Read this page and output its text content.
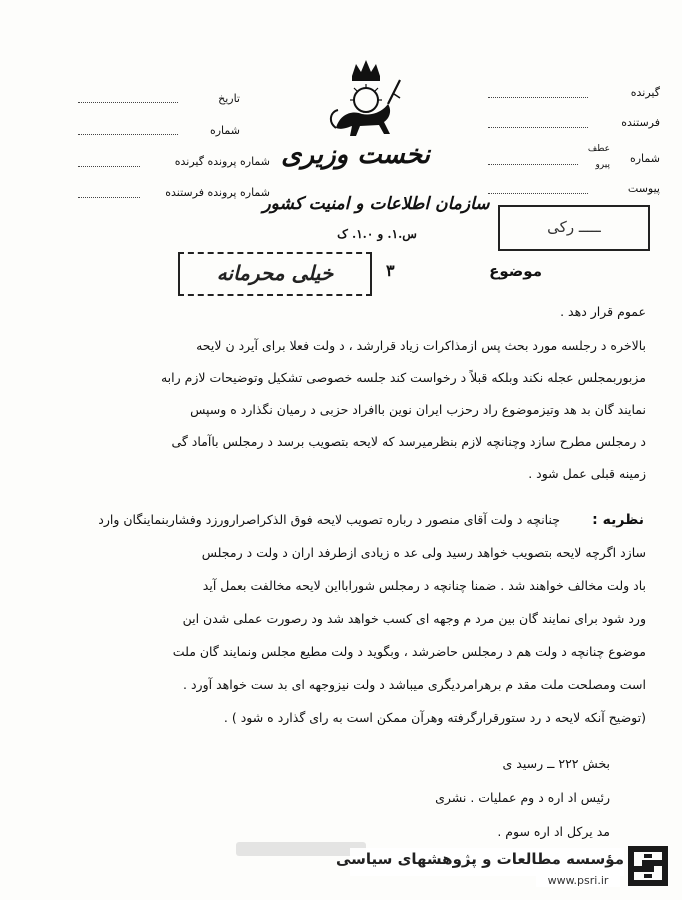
تاریخ
شماره
شماره پرونده گیرنده
شماره پرونده فرستنده
گیرنده
فرستنده
شماره
عطف
پیرو
پیوست
نخست وزیری
سازمان اطلاعات و امنیت کشور
س.۱. و ۱.۰. ک	ـــــ رکی
موضوع
۳
خیلی محرمانه
عموم قرار دهد .
بالاخره د رجلسه مورد بحث پس ازمذاکرات زیاد قرارشد ، د ولت فعلا برای آیرد ن لایحه
مزبوربمجلس عجله نکند وبلکه قبلاً د رخواست کند جلسه خصوصی تشکیل وتوضیحات لازم رابه
نمایند گان بد هد وتیزموضوع راد رحزب ایران نوین باافراد حزبی د رمیان نگذارد ه وسپس
د رمجلس مطرح سازد وچنانچه لازم بنظرمیرسد که لایحه بتصویب برسد د رمجلس باآماد گی
زمینه قبلی عمل شود .
نظریه :
چنانچه د ولت آقای منصور د رباره تصویب لایحه فوق الذکراصرارورزد وفشاربنماینگان وارد
سازد اگرچه لایحه بتصویب خواهد رسید ولی عد ه زیادی ازطرفد اران د ولت د رمجلس
باد ولت مخالف خواهند شد . ضمنا چنانچه د رمجلس شورابااین لایحه مخالفت بعمل آید
ورد شود برای نمایند گان بین مرد م وجهه ای کسب خواهد شد ود رصورت عملی شدن این
موضوع چنانچه د ولت هم د رمجلس حاضرشد ، وبگوید د ولت مطیع مجلس ونمایند گان ملت
است ومصلحت ملت مقد م برهرامردیگری میباشد د ولت نیزوجهه ای بد ست خواهد آورد .
(توضیح آنکه لایحه د رد ستورقرارگرفته وهرآن ممکن است به رای گذارد ه شود ) .
بخش ۲۲۲ ــ رسید ی
رئیس اد اره د وم عملیات . نشری
مد یرکل اد اره سوم .
مؤسسه مطالعات و پژوهشهای سیاسی
www.psri.ir
